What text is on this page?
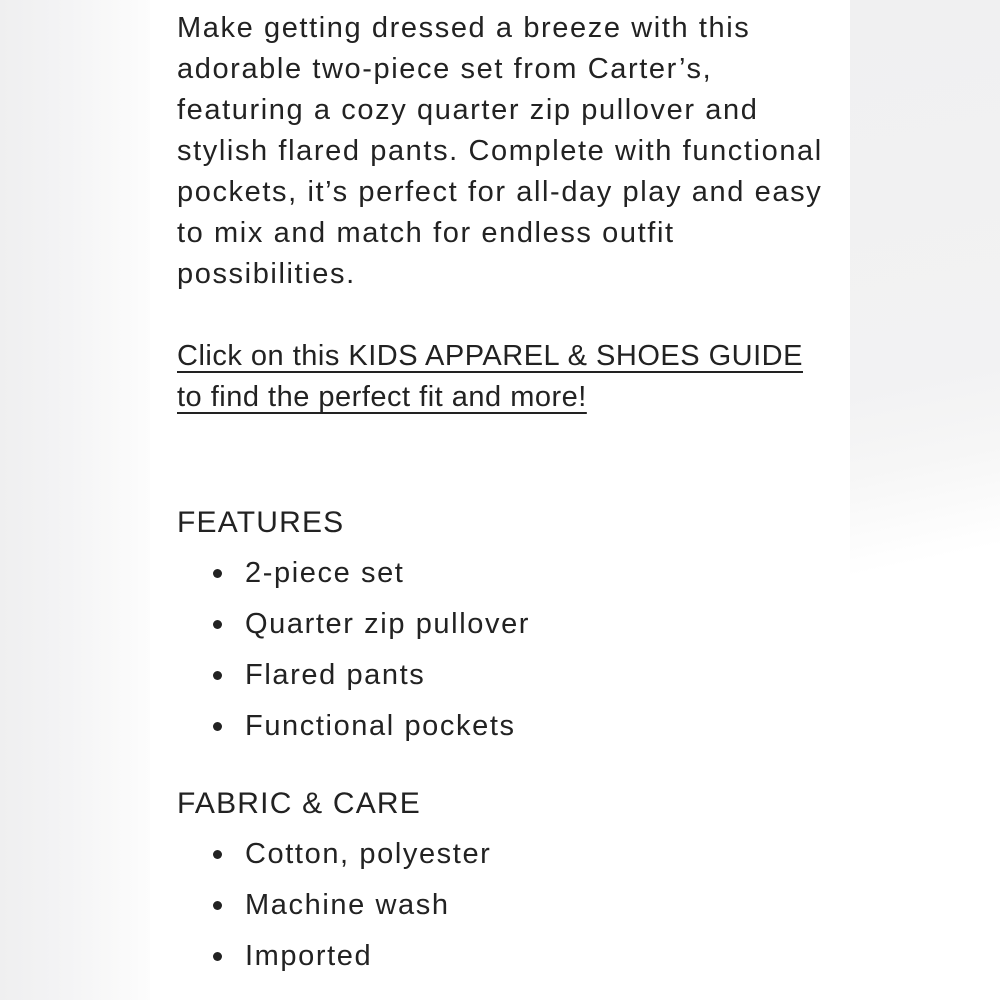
Make getting dressed a breeze with this adorable two-piece set from Carter’s, featuring a cozy quarter zip pullover and stylish flared pants. Complete with functional pockets, it’s perfect for all-day play and easy to mix and match for endless outfit possibilities.

Click on this KIDS APPAREL & SHOES GUIDE
to find the perfect fit and more!
FEATURES
2-piece set
Quarter zip pullover
Flared pants
Functional pockets
FABRIC & CARE
Cotton, polyester
Machine wash
Imported
